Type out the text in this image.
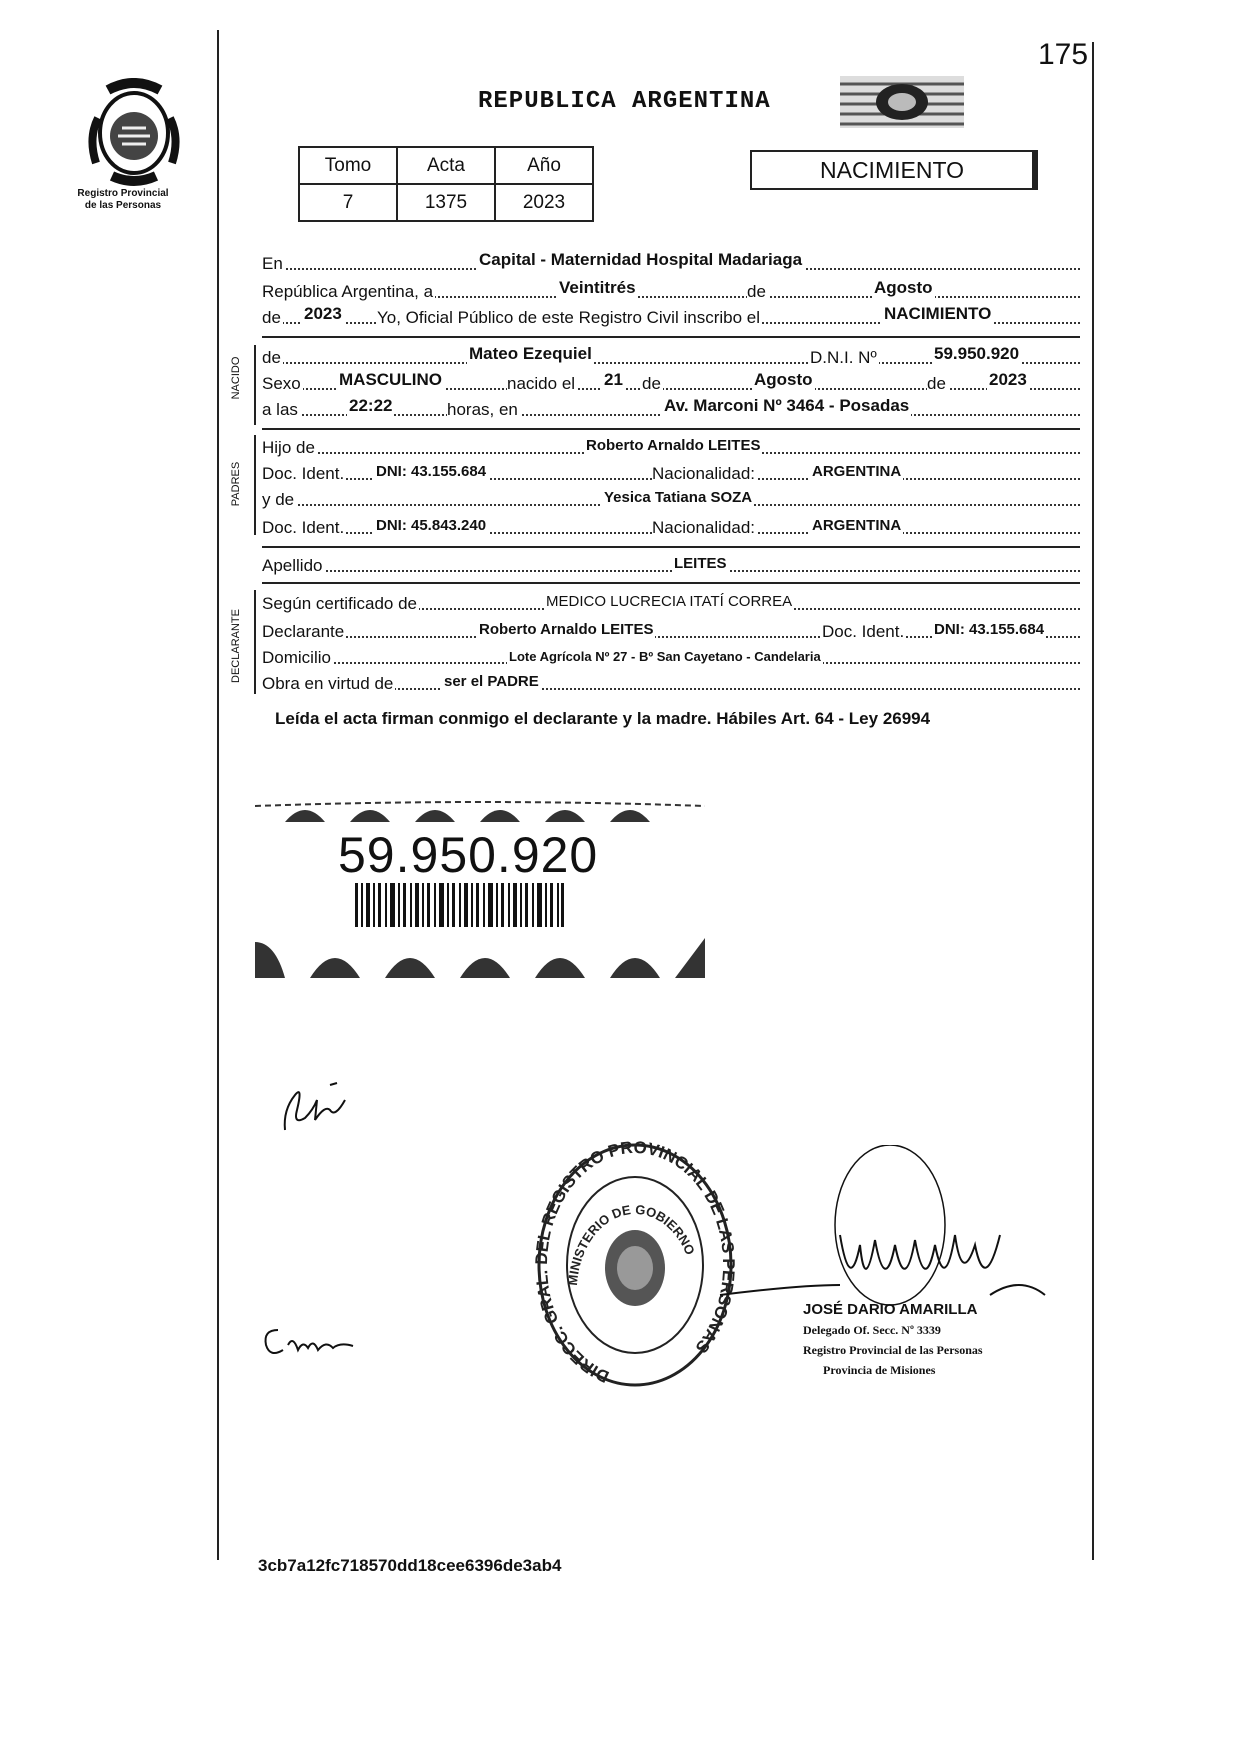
175
Registro Provincial
de las Personas
REPUBLICA ARGENTINA
Tomo	Acta	Año
7	1375	2023
NACIMIENTO
En	Capital - Maternidad Hospital Madariaga
República Argentina, a	Veintitrés	de	Agosto
de 2023 Yo, Oficial Público de este Registro Civil inscribo el	NACIMIENTO
NACIDO de	Mateo Ezequiel	D.N.I. Nº	59.950.920
Sexo MASCULINO	nacido el 21 de	Agosto	de	2023
a las	22:22	horas, en	Av. Marconi Nº 3464 - Posadas
PADRES
Hijo de	Roberto Arnaldo LEITES
Doc. Ident. DNI: 43.155.684	Nacionalidad:	ARGENTINA
y de	Yesica Tatiana SOZA
Doc. Ident. DNI: 45.843.240	Nacionalidad:	ARGENTINA
Apellido	LEITES
DECLARANTE
Según certificado de	MEDICO LUCRECIA ITATÍ CORREA
Declarante	Roberto Arnaldo LEITES	Doc. Ident. DNI: 43.155.684
Domicilio	Lote Agrícola Nº 27 - Bº San Cayetano - Candelaria
Obra en virtud de	ser el PADRE
Leída el acta firman conmigo el declarante y la madre. Hábiles Art. 64 - Ley 26994
59.950.920
DIRECC. GRA L REGISTRO PROVINCIAL DE LA SONAS
MINISTERIO DE GOBIERNO
JOSÉ DARIO AMARILLA
Delegado Of. Secc. Nº 3339
Registro Provincial de las Personas
Provincia de Misiones
3cb7a12fc718570dd18cee6396de3ab4
